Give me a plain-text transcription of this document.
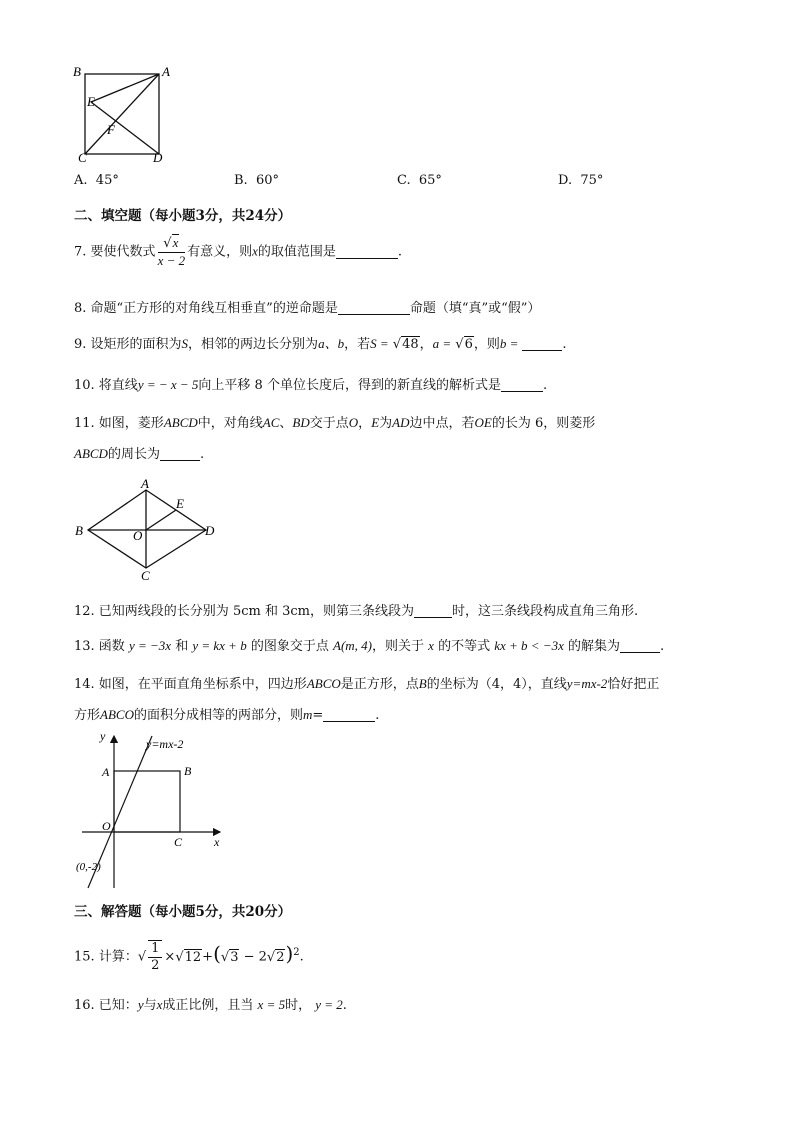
B	A
E
F
C	D
A. 45°	B. 60°	C. 65°	D. 75°
二、填空题（每小题3分，共24分）
7. 要使代数式 $\frac{√x}{x - 2}$ 有意义，则x的取值范围是	.
8. 命题“正方形的对角线互相垂直”的逆命题是	命题（填“真”或“假”）
9. 设矩形的面积为S，相邻的两边长分别为a、b，若S = √48，a = √6，则b =	.
10. 将直线y = − x − 5向上平移 8 个单位长度后，得到的新直线的解析式是	.
11. 如图，菱形ABCD中，对角线AC、BD交于点O，E为AD边中点，若OE的长为 6，则菱形
ABCD的周长为	.
A
E
B	O	D
C
12. 已知两线段的长分别为 5cm 和 3cm，则第三条线段为	时，这三条线段构成直角三角形.
13. 函数 y = −3x 和 y = kx + b 的图象交于点 A(m, 4)，则关于 x 的不等式 kx + b < −3x 的解集为	.
14. 如图，在平面直角坐标系中，四边形ABCO是正方形，点B的坐标为（4，4），直线y=mx-2恰好把正
方形ABCO的面积分成相等的两部分，则m=	.
y
x
y=mx-2
A	B
O
C
(0,-2)
三、解答题（每小题5分，共20分）
15. 计算：√ $\frac{1}{2} \times√12+(√3 - 2√2)^2$.
16. 已知：y与x成正比例，且当 x = 5时， y = 2.
